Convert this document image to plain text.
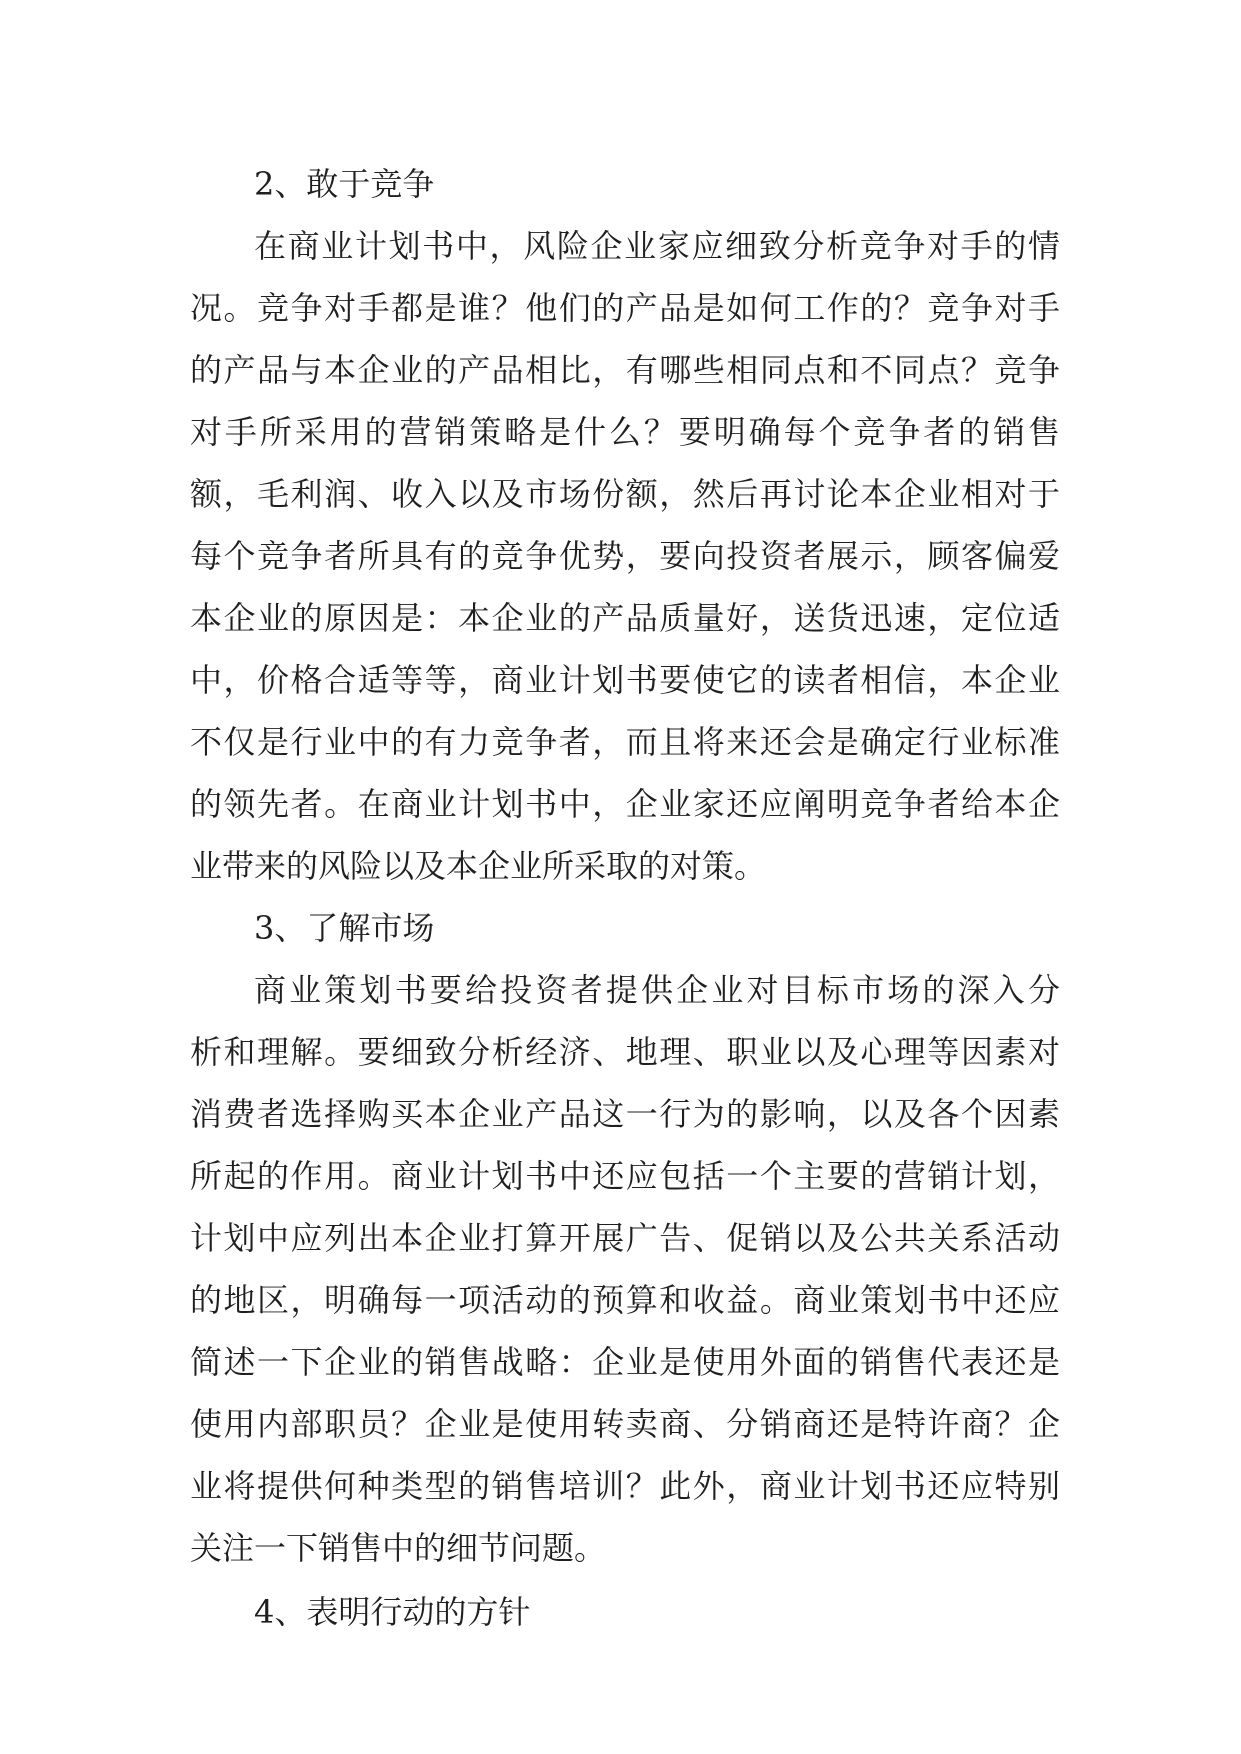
2、敢于竞争
在商业计划书中，风险企业家应细致分析竞争对手的情
况。竞争对手都是谁？他们的产品是如何工作的？竞争对手
的产品与本企业的产品相比，有哪些相同点和不同点？竞争
对手所采用的营销策略是什么？要明确每个竞争者的销售
额，毛利润、收入以及市场份额，然后再讨论本企业相对于
每个竞争者所具有的竞争优势，要向投资者展示，顾客偏爱
本企业的原因是：本企业的产品质量好，送货迅速，定位适
中，价格合适等等，商业计划书要使它的读者相信，本企业
不仅是行业中的有力竞争者，而且将来还会是确定行业标准
的领先者。在商业计划书中，企业家还应阐明竞争者给本企
业带来的风险以及本企业所采取的对策。
3、了解市场
商业策划书要给投资者提供企业对目标市场的深入分
析和理解。要细致分析经济、地理、职业以及心理等因素对
消费者选择购买本企业产品这一行为的影响，以及各个因素
所起的作用。商业计划书中还应包括一个主要的营销计划，
计划中应列出本企业打算开展广告、促销以及公共关系活动
的地区，明确每一项活动的预算和收益。商业策划书中还应
简述一下企业的销售战略：企业是使用外面的销售代表还是
使用内部职员？企业是使用转卖商、分销商还是特许商？企
业将提供何种类型的销售培训？此外，商业计划书还应特别
关注一下销售中的细节问题。
4、表明行动的方针
